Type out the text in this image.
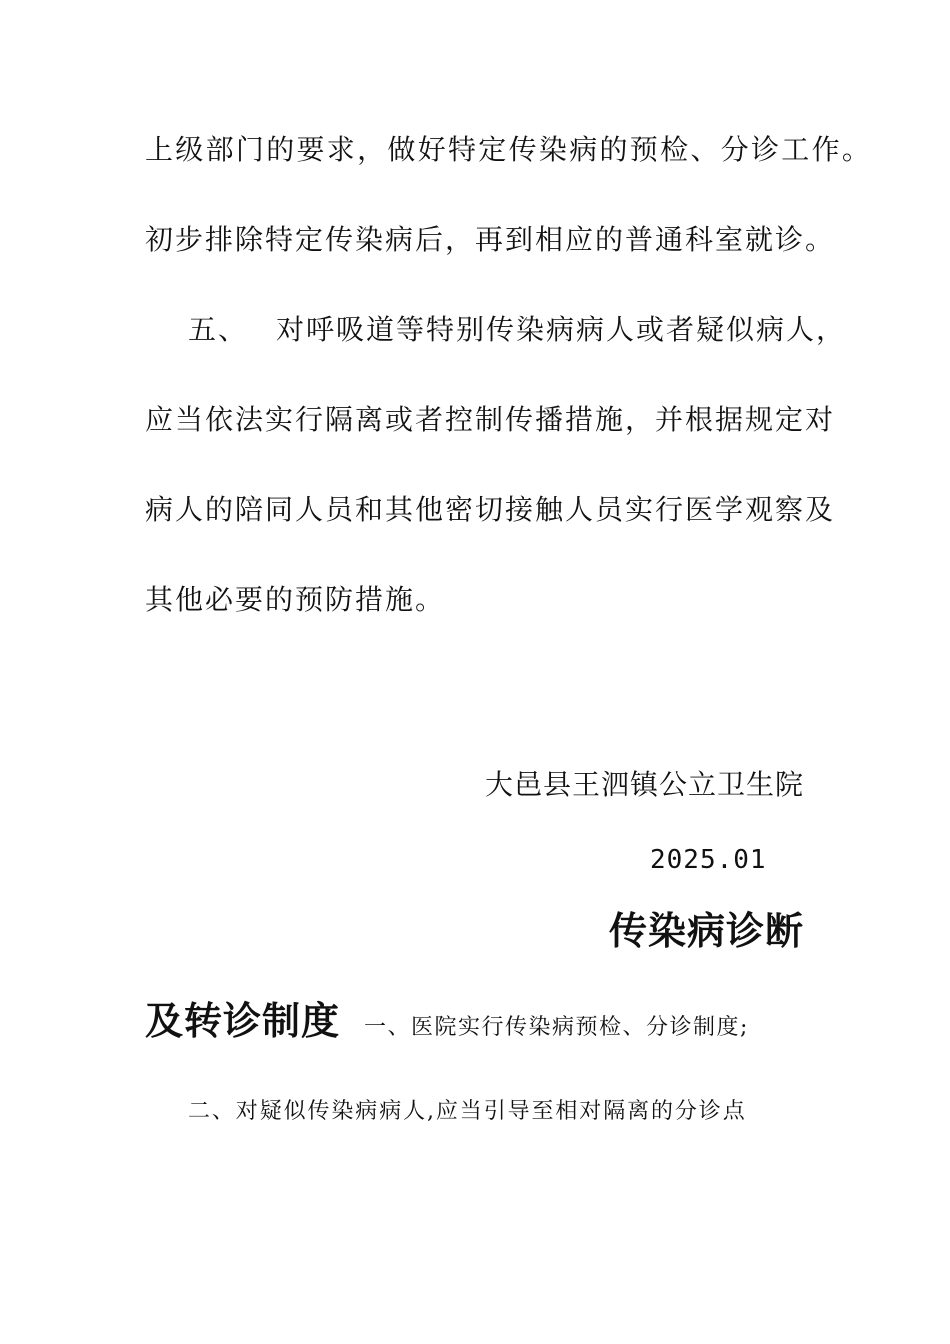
上级部门的要求，做好特定传染病的预检、分诊工作。
初步排除特定传染病后，再到相应的普通科室就诊。
五、 对呼吸道等特别传染病病人或者疑似病人，
应当依法实行隔离或者控制传播措施，并根据规定对
病人的陪同人员和其他密切接触人员实行医学观察及
其他必要的预防措施。
大邑县王泗镇公立卫生院
2025.01
传染病诊断
及转诊制度 一、医院实行传染病预检、分诊制度;
二、对疑似传染病病人,应当引导至相对隔离的分诊点
